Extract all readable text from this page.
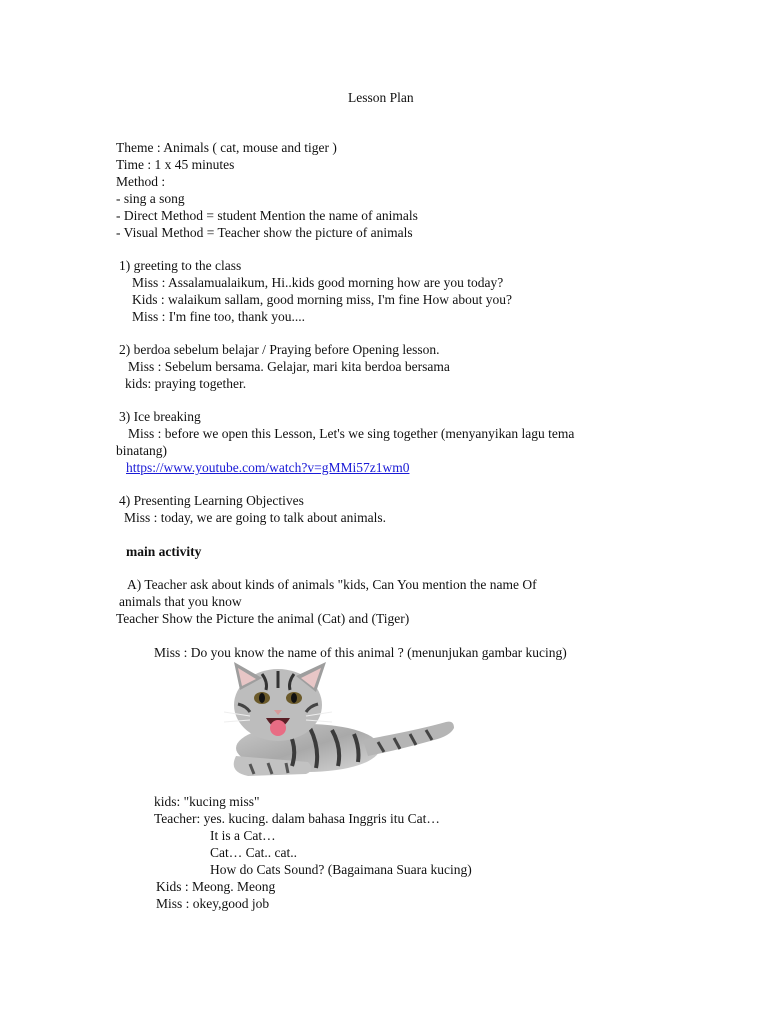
Lesson Plan
Theme : Animals ( cat, mouse and tiger )
Time : 1 x 45 minutes
Method :
- sing a song
- Direct Method = student Mention the name of animals
- Visual Method = Teacher show the picture of animals
1) greeting to the class
Miss : Assalamualaikum, Hi..kids good morning how are you today?
Kids : walaikum sallam, good morning miss, I'm fine How about you?
Miss : I'm fine too, thank you....
2) berdoa sebelum belajar / Praying before Opening lesson.
Miss : Sebelum bersama. Gelajar, mari kita berdoa bersama
kids: praying together.
3) Ice breaking
Miss : before we open this Lesson, Let's we sing together (menyanyikan lagu tema
binatang)
https://www.youtube.com/watch?v=gMMi57z1wm0
4) Presenting Learning Objectives
Miss : today, we are going to talk about animals.
main activity
A) Teacher ask about kinds of animals "kids, Can You mention the name Of
animals that you know
Teacher Show the Picture the animal (Cat) and (Tiger)
Miss : Do you know the name of this animal ? (menunjukan gambar kucing)
kids: "kucing miss"
Teacher: yes. kucing. dalam bahasa Inggris itu Cat…
It is a Cat…
Cat… Cat.. cat..
How do Cats Sound? (Bagaimana Suara kucing)
Kids : Meong. Meong
Miss : okey,good job
